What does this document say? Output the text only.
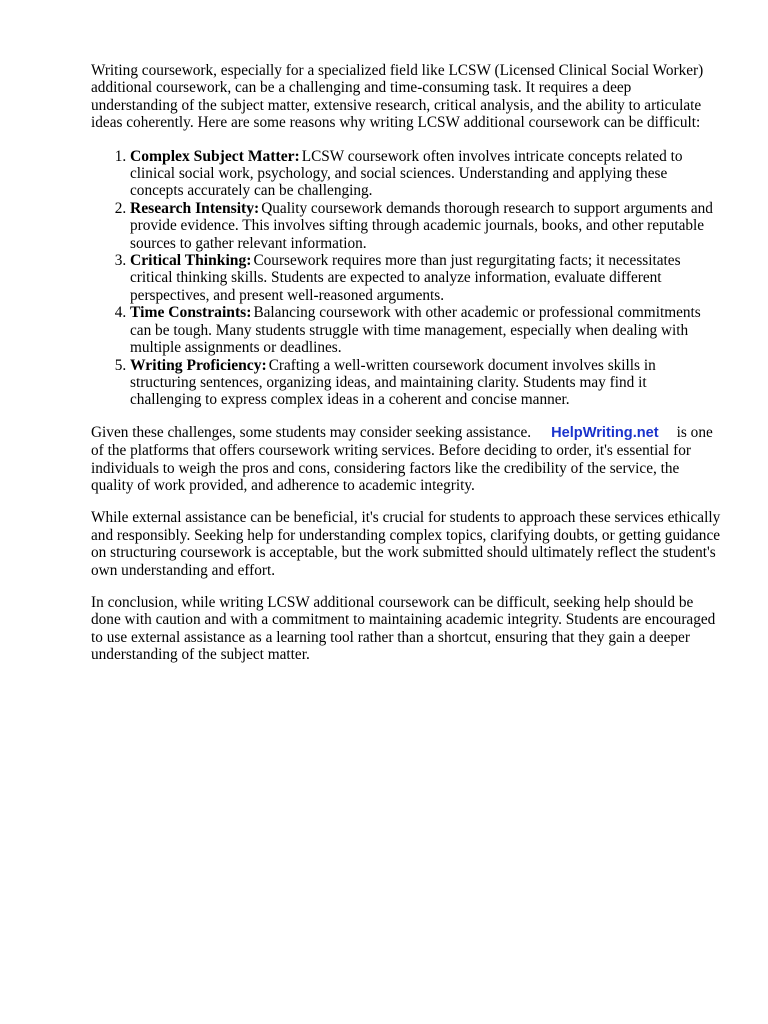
Writing coursework, especially for a specialized field like LCSW (Licensed Clinical Social Worker) additional coursework, can be a challenging and time-consuming task. It requires a deep understanding of the subject matter, extensive research, critical analysis, and the ability to articulate ideas coherently. Here are some reasons why writing LCSW additional coursework can be difficult:

1. Complex Subject Matter: LCSW coursework often involves intricate concepts related to clinical social work, psychology, and social sciences. Understanding and applying these concepts accurately can be challenging.
2. Research Intensity: Quality coursework demands thorough research to support arguments and provide evidence. This involves sifting through academic journals, books, and other reputable sources to gather relevant information.
3. Critical Thinking: Coursework requires more than just regurgitating facts; it necessitates critical thinking skills. Students are expected to analyze information, evaluate different perspectives, and present well-reasoned arguments.
4. Time Constraints: Balancing coursework with other academic or professional commitments can be tough. Many students struggle with time management, especially when dealing with multiple assignments or deadlines.
5. Writing Proficiency: Crafting a well-written coursework document involves skills in structuring sentences, organizing ideas, and maintaining clarity. Students may find it challenging to express complex ideas in a coherent and concise manner.

Given these challenges, some students may consider seeking assistance. HelpWriting.net is one of the platforms that offers coursework writing services. Before deciding to order, it's essential for individuals to weigh the pros and cons, considering factors like the credibility of the service, the quality of work provided, and adherence to academic integrity.

While external assistance can be beneficial, it's crucial for students to approach these services ethically and responsibly. Seeking help for understanding complex topics, clarifying doubts, or getting guidance on structuring coursework is acceptable, but the work submitted should ultimately reflect the student's own understanding and effort.

In conclusion, while writing LCSW additional coursework can be difficult, seeking help should be done with caution and with a commitment to maintaining academic integrity. Students are encouraged to use external assistance as a learning tool rather than a shortcut, ensuring that they gain a deeper understanding of the subject matter.
